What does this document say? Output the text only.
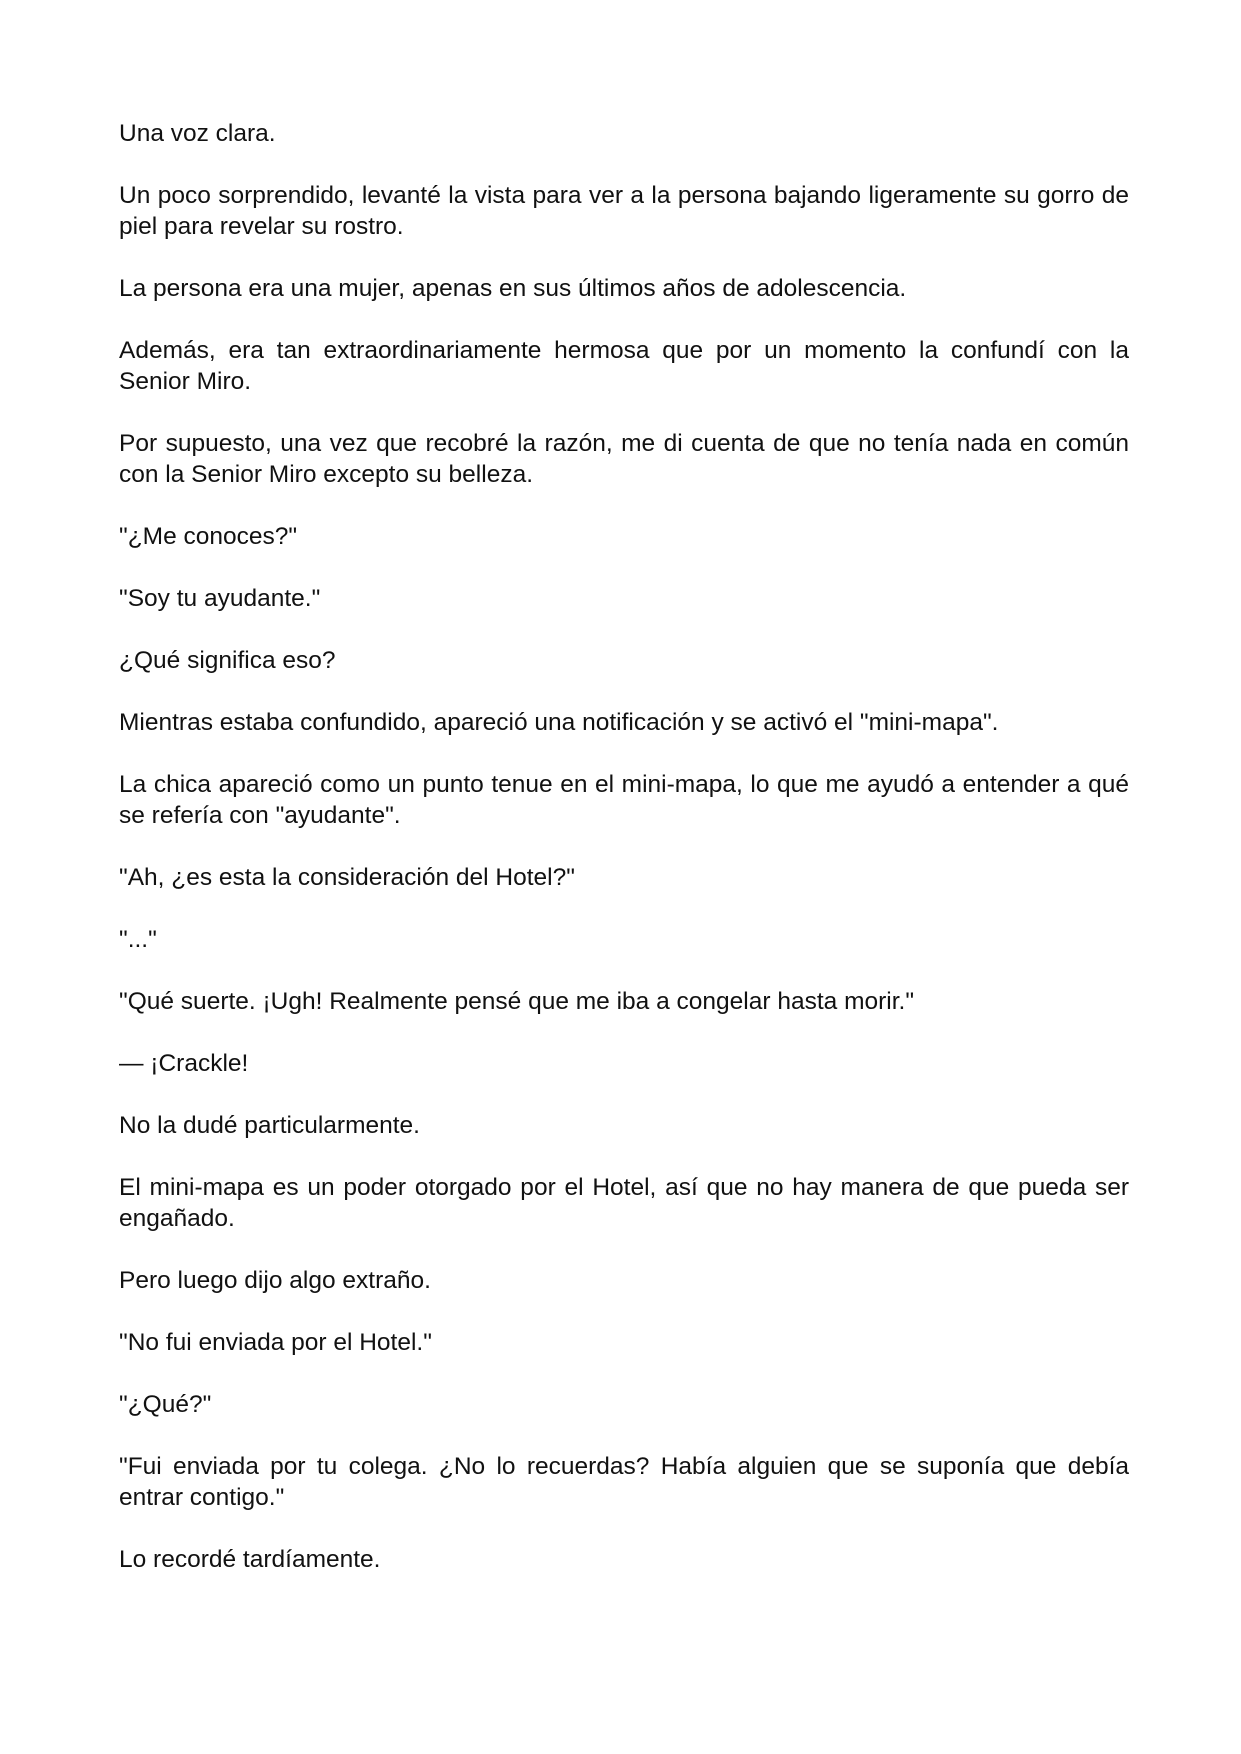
Una voz clara.

Un poco sorprendido, levanté la vista para ver a la persona bajando ligeramente su gorro de piel para revelar su rostro.

La persona era una mujer, apenas en sus últimos años de adolescencia.

Además, era tan extraordinariamente hermosa que por un momento la confundí con la Senior Miro.

Por supuesto, una vez que recobré la razón, me di cuenta de que no tenía nada en común con la Senior Miro excepto su belleza.

"¿Me conoces?"

"Soy tu ayudante."

¿Qué significa eso?

Mientras estaba confundido, apareció una notificación y se activó el "mini-mapa".

La chica apareció como un punto tenue en el mini-mapa, lo que me ayudó a entender a qué se refería con "ayudante".

"Ah, ¿es esta la consideración del Hotel?"

"..."

"Qué suerte. ¡Ugh! Realmente pensé que me iba a congelar hasta morir."

— ¡Crackle!

No la dudé particularmente.

El mini-mapa es un poder otorgado por el Hotel, así que no hay manera de que pueda ser engañado.

Pero luego dijo algo extraño.

"No fui enviada por el Hotel."

"¿Qué?"

"Fui enviada por tu colega. ¿No lo recuerdas? Había alguien que se suponía que debía entrar contigo."

Lo recordé tardíamente.
